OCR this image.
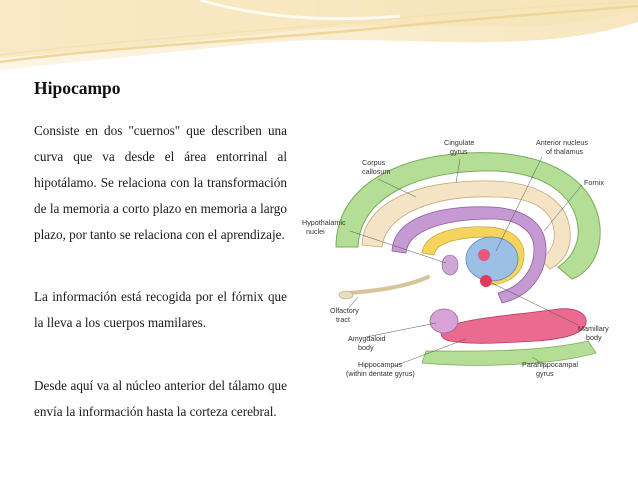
Hipocampo

Consiste en dos "cuernos" que describen una curva que va desde el área entorrinal al hipotálamo. Se relaciona con la transformación de la memoria a corto plazo en memoria a largo plazo, por tanto se relaciona con el aprendizaje.

La información está recogida por el fórnix que la lleva a los cuerpos mamilares.

Desde aquí va al núcleo anterior del tálamo que envía la información hasta la corteza cerebral.

Corpus callosum
Cingulate gyrus
Anterior nucleus of thalamus
Fornix
Hypothalamic nuclei
Olfactory tract
Amygdaloid body
Mamillary body
Hippocampus (within dentate gyrus)
Parahippocampal gyrus
